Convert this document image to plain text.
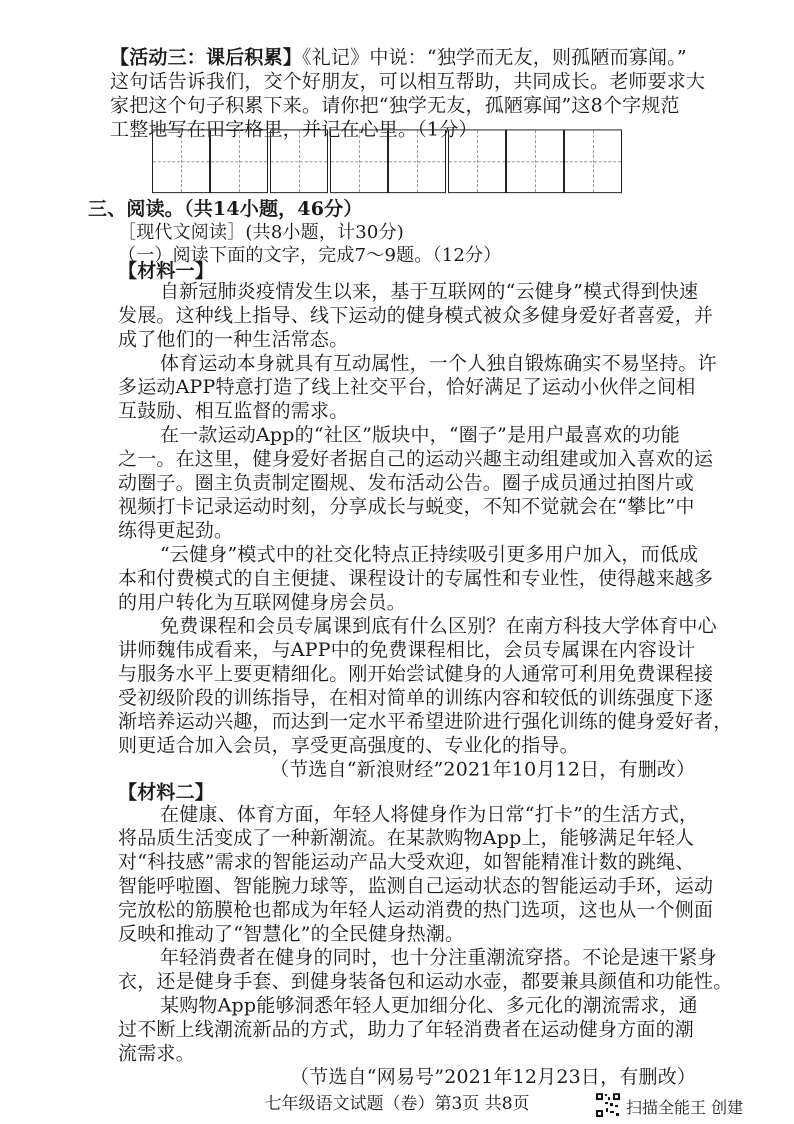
【活动三：课后积累】《礼记》中说：“独学而无友，则孤陋而寡闻。”
这句话告诉我们，交个好朋友，可以相互帮助，共同成长。老师要求大
家把这个句子积累下来。请你把“独学无友，孤陋寡闻”这8个字规范
工整地写在田字格里，并记在心里。（1分）
三、阅读。（共14小题，46分）
［现代文阅读］(共8小题，计30分)
（一）阅读下面的文字，完成7～9题。（12分）
【材料一】
自新冠肺炎疫情发生以来，基于互联网的“云健身”模式得到快速
发展。这种线上指导、线下运动的健身模式被众多健身爱好者喜爱，并
成了他们的一种生活常态。
体育运动本身就具有互动属性，一个人独自锻炼确实不易坚持。许
多运动APP特意打造了线上社交平台，恰好满足了运动小伙伴之间相
互鼓励、相互监督的需求。
在一款运动App的“社区”版块中，“圈子”是用户最喜欢的功能
之一。在这里，健身爱好者据自己的运动兴趣主动组建或加入喜欢的运
动圈子。圈主负责制定圈规、发布活动公告。圈子成员通过拍图片或
视频打卡记录运动时刻，分享成长与蜕变，不知不觉就会在“攀比”中
练得更起劲。
“云健身”模式中的社交化特点正持续吸引更多用户加入，而低成
本和付费模式的自主便捷、课程设计的专属性和专业性，使得越来越多
的用户转化为互联网健身房会员。
免费课程和会员专属课到底有什么区别？在南方科技大学体育中心
讲师魏伟成看来，与APP中的免费课程相比，会员专属课在内容设计
与服务水平上要更精细化。刚开始尝试健身的人通常可利用免费课程接
受初级阶段的训练指导，在相对简单的训练内容和较低的训练强度下逐
渐培养运动兴趣，而达到一定水平希望进阶进行强化训练的健身爱好者，
则更适合加入会员，享受更高强度的、专业化的指导。
（节选自“新浪财经”2021年10月12日，有删改）
【材料二】
在健康、体育方面，年轻人将健身作为日常“打卡”的生活方式，
将品质生活变成了一种新潮流。在某款购物App上，能够满足年轻人
对“科技感”需求的智能运动产品大受欢迎，如智能精准计数的跳绳、
智能呼啦圈、智能腕力球等，监测自己运动状态的智能运动手环，运动
完放松的筋膜枪也都成为年轻人运动消费的热门选项，这也从一个侧面
反映和推动了“智慧化”的全民健身热潮。
年轻消费者在健身的同时，也十分注重潮流穿搭。不论是速干紧身
衣，还是健身手套、到健身装备包和运动水壶，都要兼具颜值和功能性。
某购物App能够洞悉年轻人更加细分化、多元化的潮流需求，通
过不断上线潮流新品的方式，助力了年轻消费者在运动健身方面的潮
流需求。
（节选自“网易号”2021年12月23日，有删改）
七年级语文试题（卷）第3页 共8页	扫描全能王 创建
